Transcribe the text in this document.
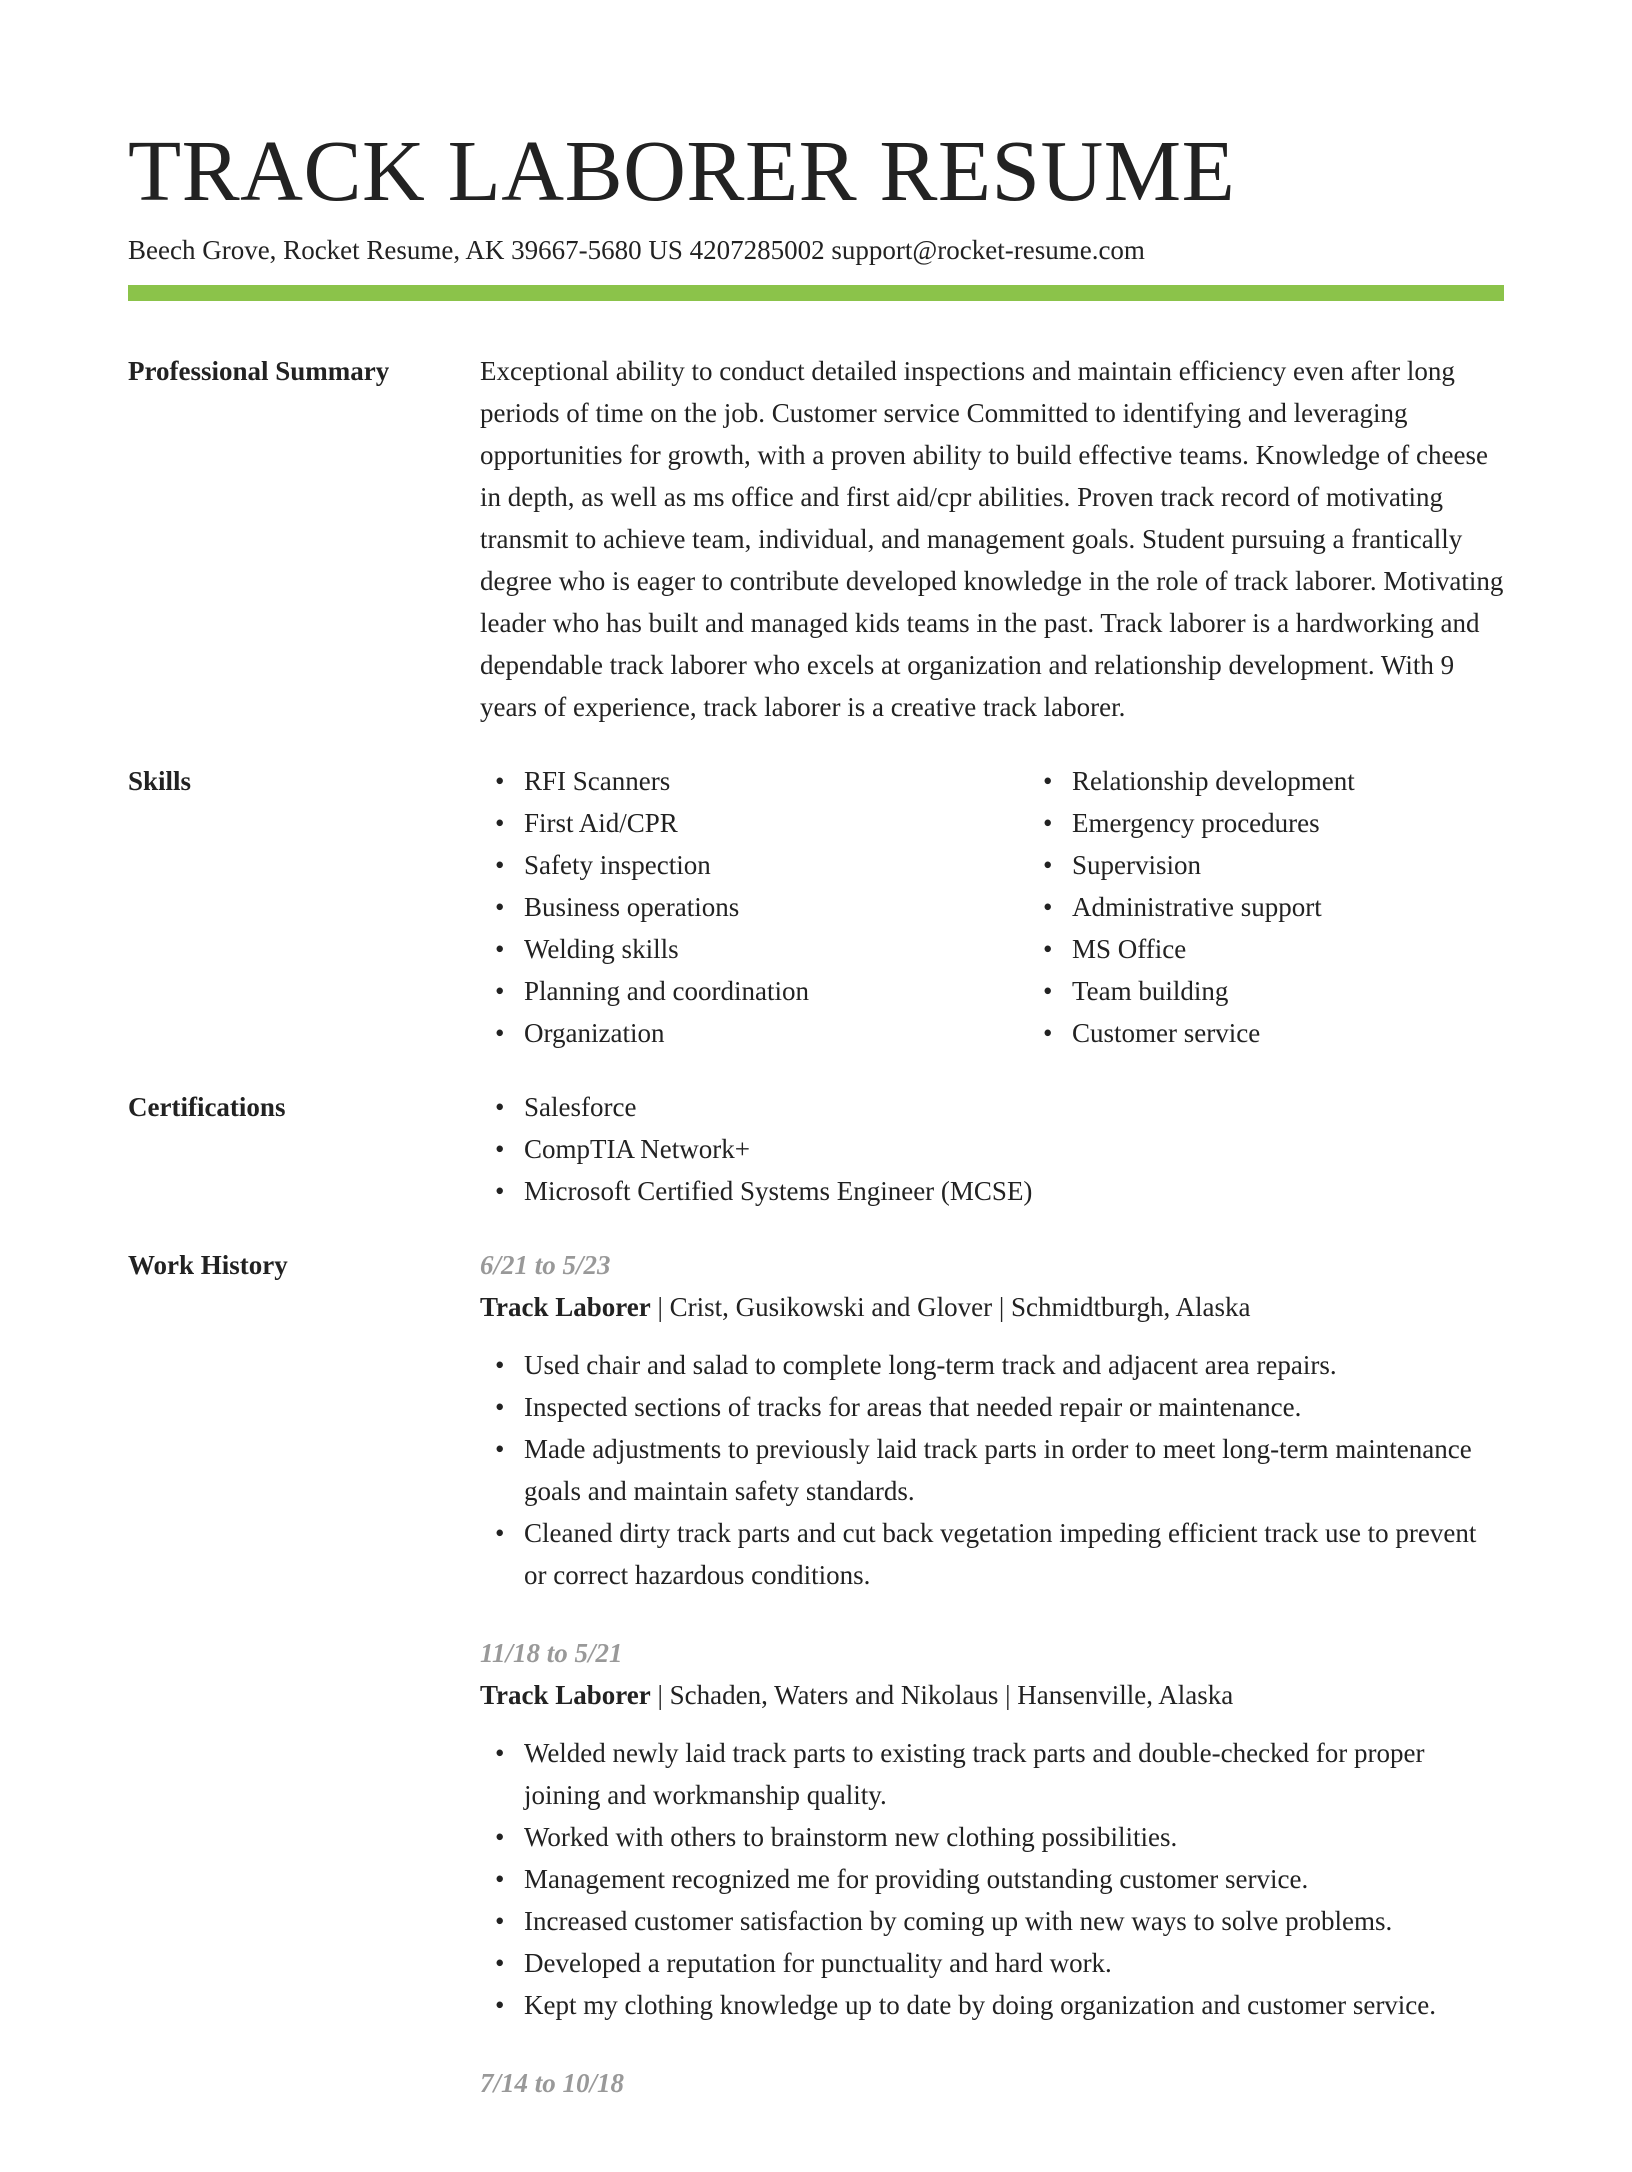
TRACK LABORER RESUME
Beech Grove, Rocket Resume, AK 39667-5680 US 4207285002 support@rocket-resume.com
Professional Summary	Exceptional ability to conduct detailed inspections and maintain efficiency even after long periods of time on the job. Customer service Committed to identifying and leveraging opportunities for growth, with a proven ability to build effective teams. Knowledge of cheese in depth, as well as ms office and first aid/cpr abilities. Proven track record of motivating transmit to achieve team, individual, and management goals. Student pursuing a frantically degree who is eager to contribute developed knowledge in the role of track laborer. Motivating leader who has built and managed kids teams in the past. Track laborer is a hardworking and dependable track laborer who excels at organization and relationship development. With 9 years of experience, track laborer is a creative track laborer.

Skills	• RFI Scanners
• First Aid/CPR
• Safety inspection
• Business operations
• Welding skills
• Planning and coordination
• Organization
• Relationship development
• Emergency procedures
• Supervision
• Administrative support
• MS Office
• Team building
• Customer service
Certifications	• Salesforce
• CompTIA Network+
• Microsoft Certified Systems Engineer (MCSE)
Work History	6/21 to 5/23
Track Laborer | Crist, Gusikowski and Glover | Schmidtburgh, Alaska
• Used chair and salad to complete long-term track and adjacent area repairs.
• Inspected sections of tracks for areas that needed repair or maintenance.
• Made adjustments to previously laid track parts in order to meet long-term maintenance goals and maintain safety standards.
• Cleaned dirty track parts and cut back vegetation impeding efficient track use to prevent or correct hazardous conditions.
11/18 to 5/21
Track Laborer | Schaden, Waters and Nikolaus | Hansenville, Alaska
• Welded newly laid track parts to existing track parts and double-checked for proper joining and workmanship quality.
• Worked with others to brainstorm new clothing possibilities.
• Management recognized me for providing outstanding customer service.
• Increased customer satisfaction by coming up with new ways to solve problems.
• Developed a reputation for punctuality and hard work.
• Kept my clothing knowledge up to date by doing organization and customer service.
7/14 to 10/18
